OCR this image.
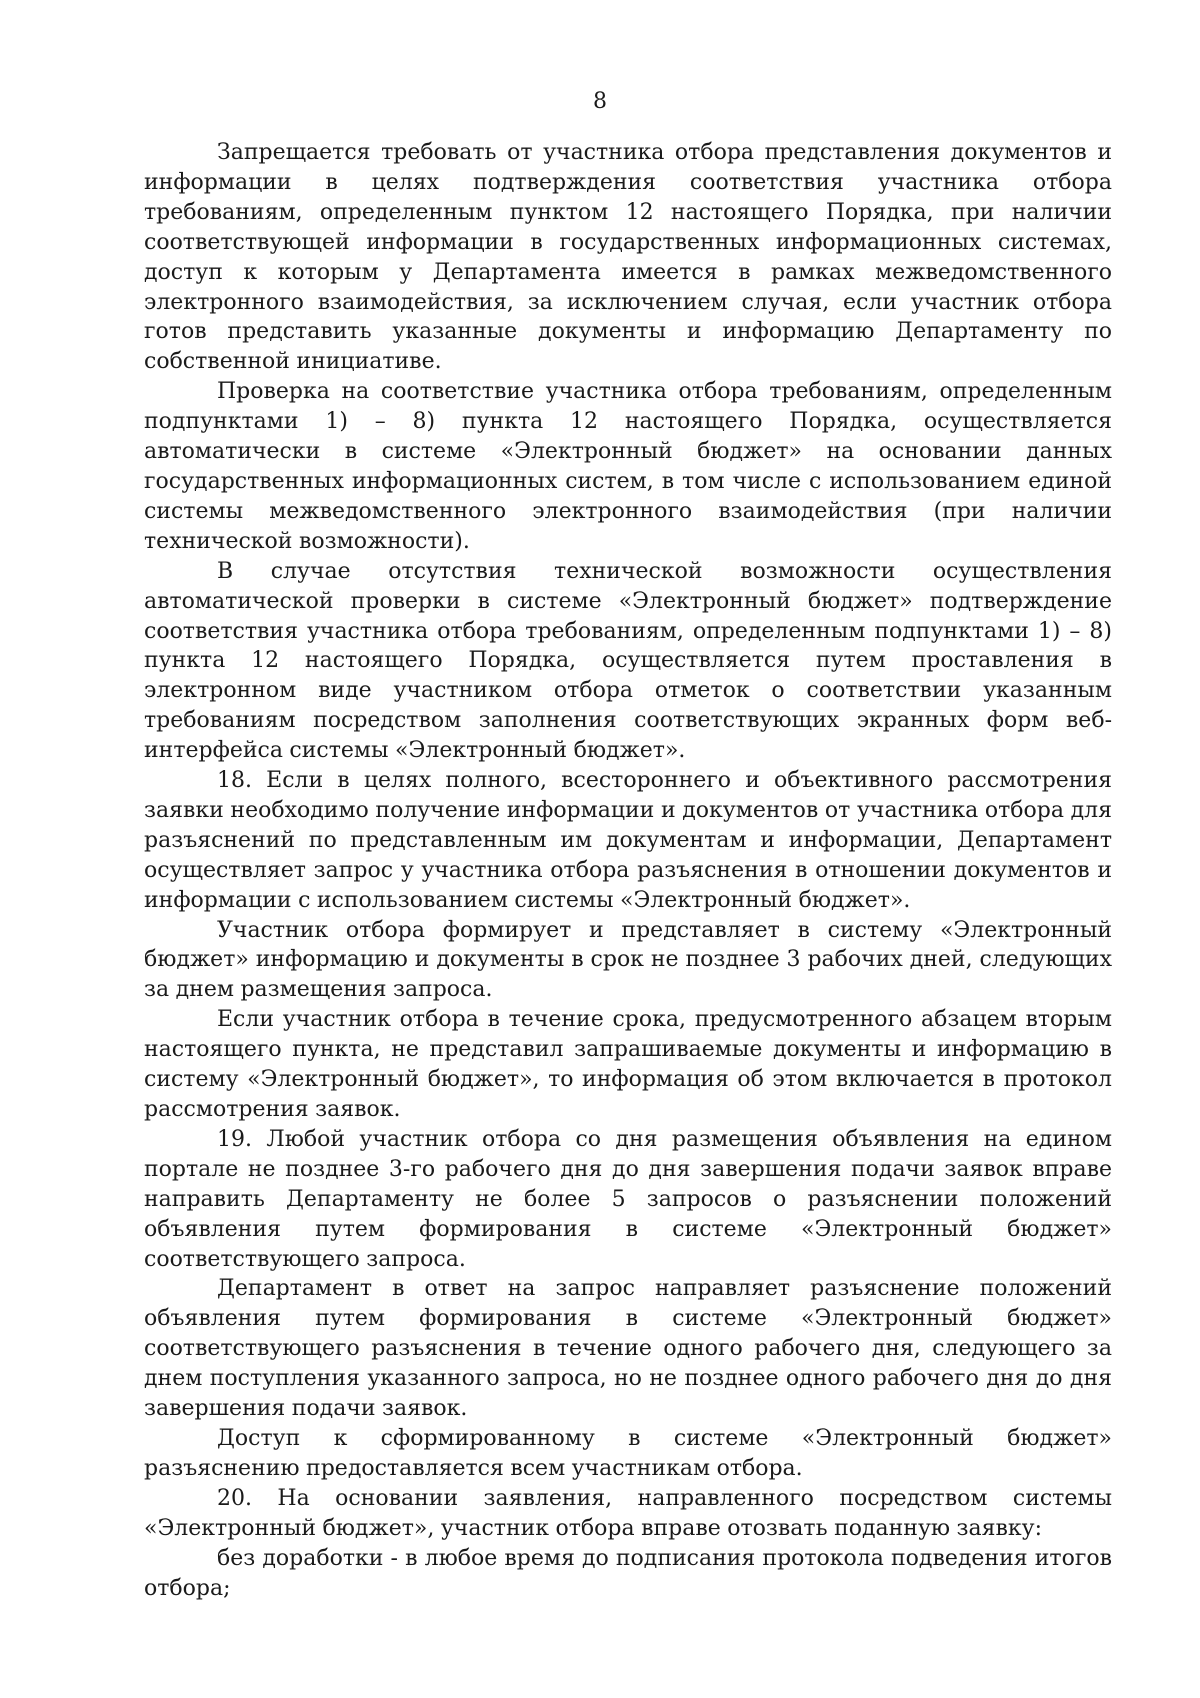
8

Запрещается требовать от участника отбора представления документов и информации в целях подтверждения соответствия участника отбора требованиям, определенным пунктом 12 настоящего Порядка, при наличии соответствующей информации в государственных информационных системах, доступ к которым у Департамента имеется в рамках межведомственного электронного взаимодействия, за исключением случая, если участник отбора готов представить указанные документы и информацию Департаменту по собственной инициативе.

Проверка на соответствие участника отбора требованиям, определенным подпунктами 1) – 8) пункта 12 настоящего Порядка, осуществляется автоматически в системе «Электронный бюджет» на основании данных государственных информационных систем, в том числе с использованием единой системы межведомственного электронного взаимодействия (при наличии технической возможности).

В случае отсутствия технической возможности осуществления автоматической проверки в системе «Электронный бюджет» подтверждение соответствия участника отбора требованиям, определенным подпунктами 1) – 8) пункта 12 настоящего Порядка, осуществляется путем проставления в электронном виде участником отбора отметок о соответствии указанным требованиям посредством заполнения соответствующих экранных форм веб-интерфейса системы «Электронный бюджет».

18. Если в целях полного, всестороннего и объективного рассмотрения заявки необходимо получение информации и документов от участника отбора для разъяснений по представленным им документам и информации, Департамент осуществляет запрос у участника отбора разъяснения в отношении документов и информации с использованием системы «Электронный бюджет».

Участник отбора формирует и представляет в систему «Электронный бюджет» информацию и документы в срок не позднее 3 рабочих дней, следующих за днем размещения запроса.

Если участник отбора в течение срока, предусмотренного абзацем вторым настоящего пункта, не представил запрашиваемые документы и информацию в систему «Электронный бюджет», то информация об этом включается в протокол рассмотрения заявок.

19. Любой участник отбора со дня размещения объявления на едином портале не позднее 3-го рабочего дня до дня завершения подачи заявок вправе направить Департаменту не более 5 запросов о разъяснении положений объявления путем формирования в системе «Электронный бюджет» соответствующего запроса.

Департамент в ответ на запрос направляет разъяснение положений объявления путем формирования в системе «Электронный бюджет» соответствующего разъяснения в течение одного рабочего дня, следующего за днем поступления указанного запроса, но не позднее одного рабочего дня до дня завершения подачи заявок.

Доступ к сформированному в системе «Электронный бюджет» разъяснению предоставляется всем участникам отбора.

20. На основании заявления, направленного посредством системы «Электронный бюджет», участник отбора вправе отозвать поданную заявку:

без доработки - в любое время до подписания протокола подведения итогов отбора;
